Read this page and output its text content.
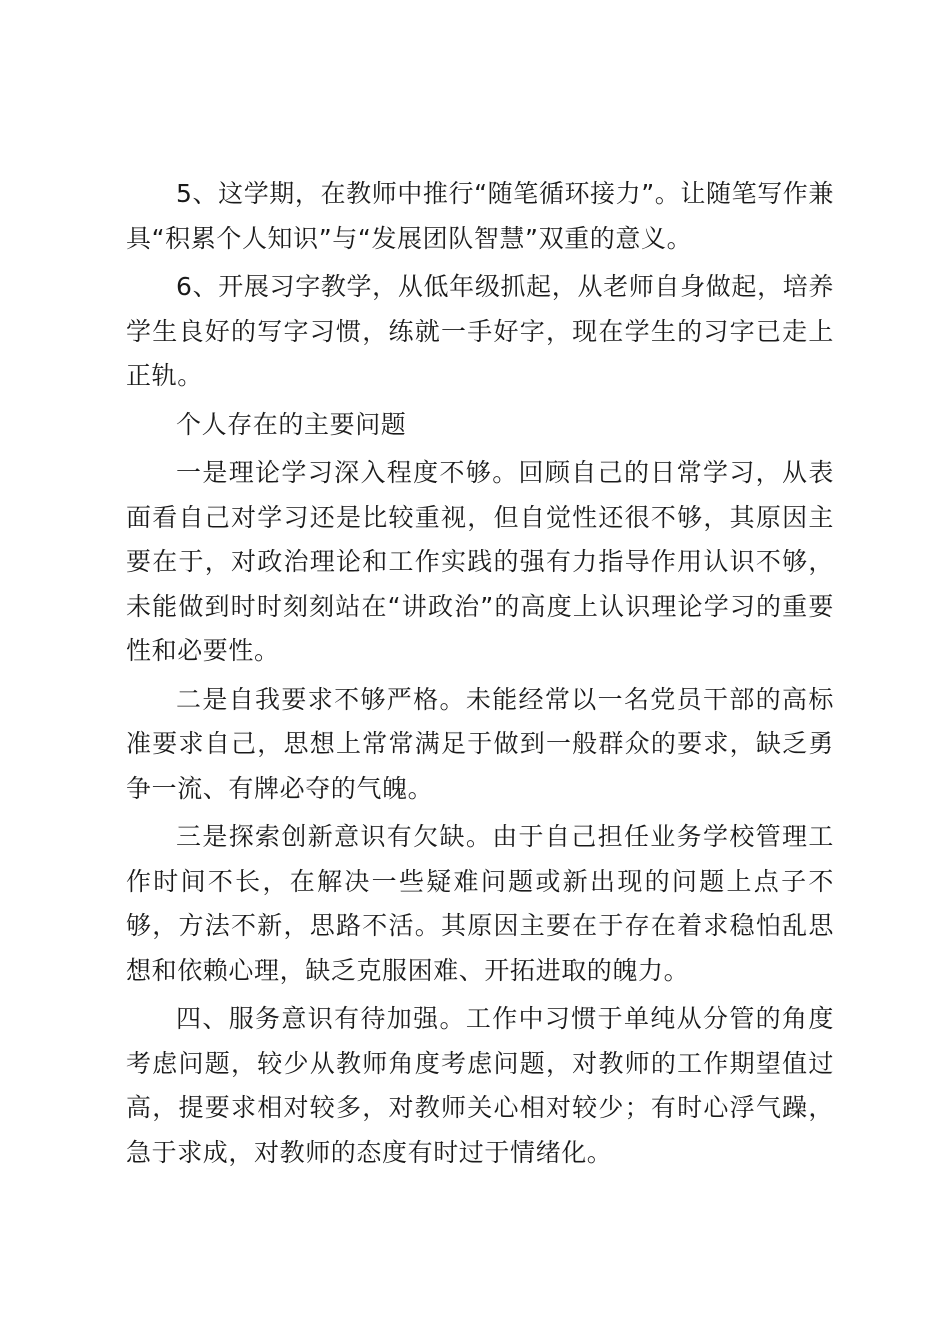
5、这学期，在教师中推行“随笔循环接力”。让随笔写作兼具“积累个人知识”与“发展团队智慧”双重的意义。

6、开展习字教学，从低年级抓起，从老师自身做起，培养学生良好的写字习惯，练就一手好字，现在学生的习字已走上正轨。

个人存在的主要问题

一是理论学习深入程度不够。回顾自己的日常学习，从表面看自己对学习还是比较重视，但自觉性还很不够，其原因主要在于，对政治理论和工作实践的强有力指导作用认识不够，未能做到时时刻刻站在“讲政治”的高度上认识理论学习的重要性和必要性。

二是自我要求不够严格。未能经常以一名党员干部的高标准要求自己，思想上常常满足于做到一般群众的要求，缺乏勇争一流、有牌必夺的气魄。

三是探索创新意识有欠缺。由于自己担任业务学校管理工作时间不长，在解决一些疑难问题或新出现的问题上点子不够，方法不新，思路不活。其原因主要在于存在着求稳怕乱思想和依赖心理，缺乏克服困难、开拓进取的魄力。

四、服务意识有待加强。工作中习惯于单纯从分管的角度考虑问题，较少从教师角度考虑问题，对教师的工作期望值过高，提要求相对较多，对教师关心相对较少；有时心浮气躁，急于求成，对教师的态度有时过于情绪化。
